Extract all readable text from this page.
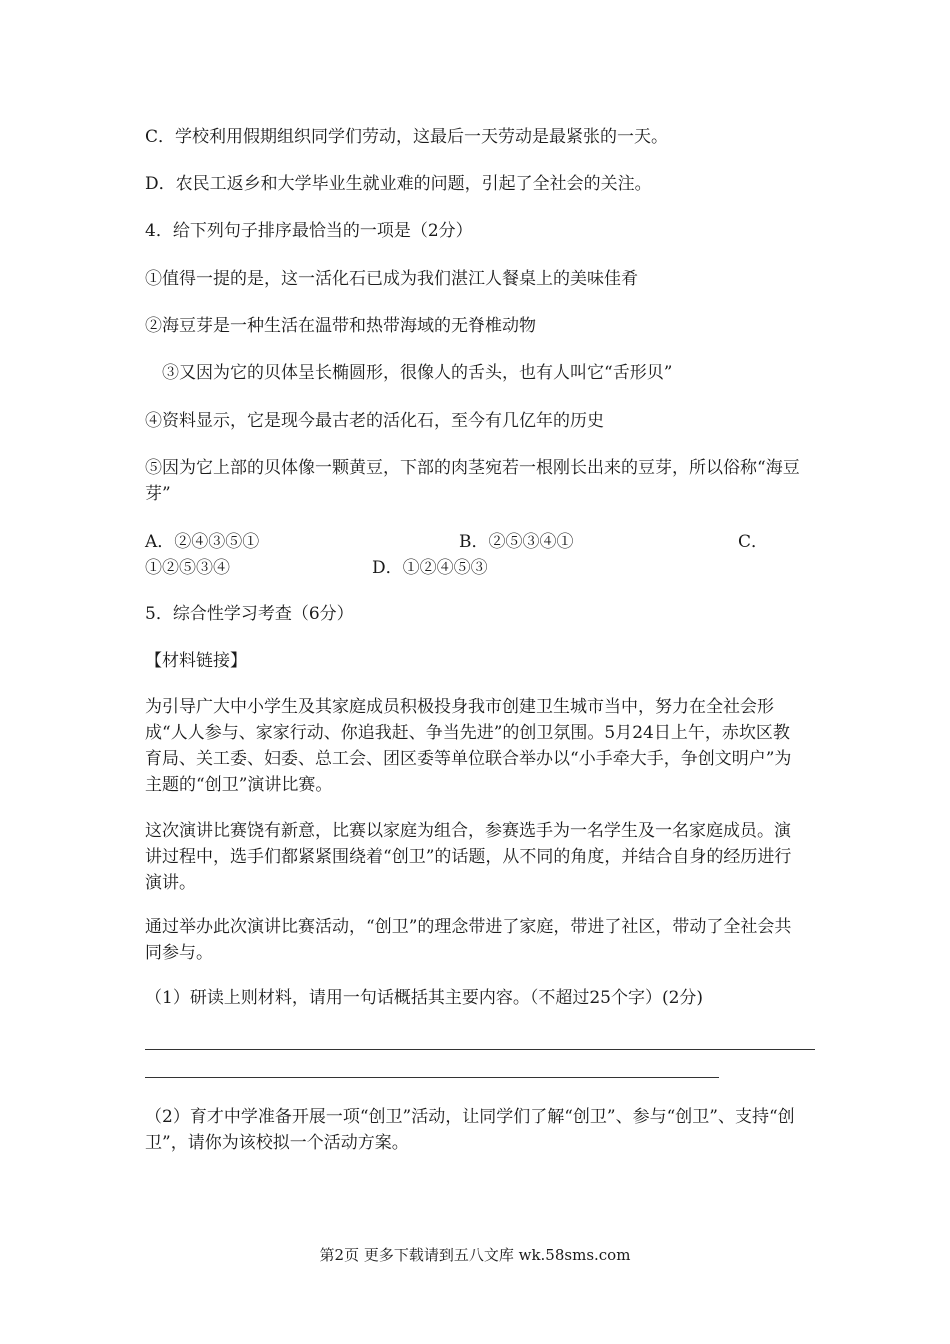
C．学校利用假期组织同学们劳动，这最后一天劳动是最紧张的一天。
D．农民工返乡和大学毕业生就业难的问题，引起了全社会的关注。
4．给下列句子排序最恰当的一项是（2分）
①值得一提的是，这一活化石已成为我们湛江人餐桌上的美味佳肴
②海豆芽是一种生活在温带和热带海域的无脊椎动物
③又因为它的贝体呈长椭圆形，很像人的舌头，也有人叫它“舌形贝”
④资料显示，它是现今最古老的活化石，至今有几亿年的历史
⑤因为它上部的贝体像一颗黄豆，下部的肉茎宛若一根刚长出来的豆芽，所以俗称“海豆芽”
A．②④③⑤①	B．②⑤③④①	C．①②⑤③④	D．①②④⑤③
5．综合性学习考查（6分）
【材料链接】
为引导广大中小学生及其家庭成员积极投身我市创建卫生城市当中，努力在全社会形成“人人参与、家家行动、你追我赶、争当先进”的创卫氛围。5月24日上午，赤坎区教育局、关工委、妇委、总工会、团区委等单位联合举办以“小手牵大手，争创文明户”为主题的“创卫”演讲比赛。
这次演讲比赛饶有新意，比赛以家庭为组合，参赛选手为一名学生及一名家庭成员。演讲过程中，选手们都紧紧围绕着“创卫”的话题，从不同的角度，并结合自身的经历进行演讲。
通过举办此次演讲比赛活动，“创卫”的理念带进了家庭，带进了社区，带动了全社会共同参与。
（1）研读上则材料，请用一句话概括其主要内容。（不超过25个字）(2分)
（2）育才中学准备开展一项“创卫”活动，让同学们了解“创卫”、参与“创卫”、支持“创卫”，请你为该校拟一个活动方案。
第2页 更多下载请到五八文库 wk.58sms.com
